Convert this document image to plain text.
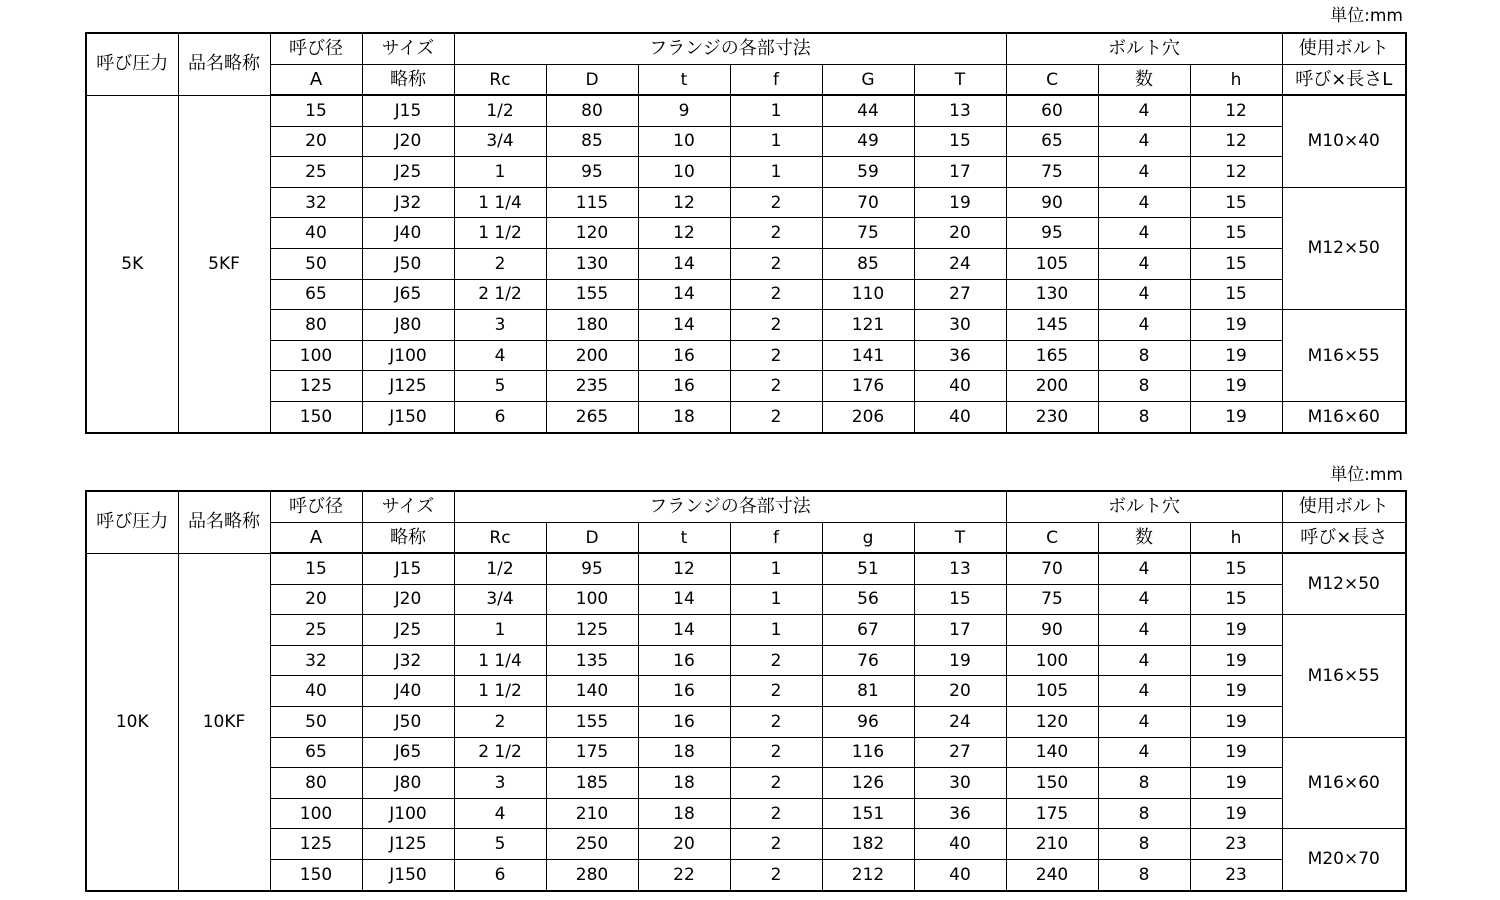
単位:mm
呼び圧力	品名略称	呼び径	サイズ	フランジの各部寸法						ボルト穴			使用ボルト
		A	略称	Rc	D	t	f	G	T	C	数	h	呼び×長さL
5K	5KF	15	J15	1/2	80	9	1	44	13	60	4	12	M10×40
		20	J20	3/4	85	10	1	49	15	65	4	12	
		25	J25	1	95	10	1	59	17	75	4	12	
		32	J32	1 1/4	115	12	2	70	19	90	4	15	M12×50
		40	J40	1 1/2	120	12	2	75	20	95	4	15	
		50	J50	2	130	14	2	85	24	105	4	15	
		65	J65	2 1/2	155	14	2	110	27	130	4	15	
		80	J80	3	180	14	2	121	30	145	4	19	M16×55
		100	J100	4	200	16	2	141	36	165	8	19	
		125	J125	5	235	16	2	176	40	200	8	19	
		150	J150	6	265	18	2	206	40	230	8	19	M16×60
単位:mm
呼び圧力	品名略称	呼び径	サイズ	フランジの各部寸法						ボルト穴			使用ボルト
		A	略称	Rc	D	t	f	g	T	C	数	h	呼び×長さ
10K	10KF	15	J15	1/2	95	12	1	51	13	70	4	15	M12×50
		20	J20	3/4	100	14	1	56	15	75	4	15	
		25	J25	1	125	14	1	67	17	90	4	19	M16×55
		32	J32	1 1/4	135	16	2	76	19	100	4	19	
		40	J40	1 1/2	140	16	2	81	20	105	4	19	
		50	J50	2	155	16	2	96	24	120	4	19	
		65	J65	2 1/2	175	18	2	116	27	140	4	19	M16×60
		80	J80	3	185	18	2	126	30	150	8	19	
		100	J100	4	210	18	2	151	36	175	8	19	
		125	J125	5	250	20	2	182	40	210	8	23	M20×70
		150	J150	6	280	22	2	212	40	240	8	23	
